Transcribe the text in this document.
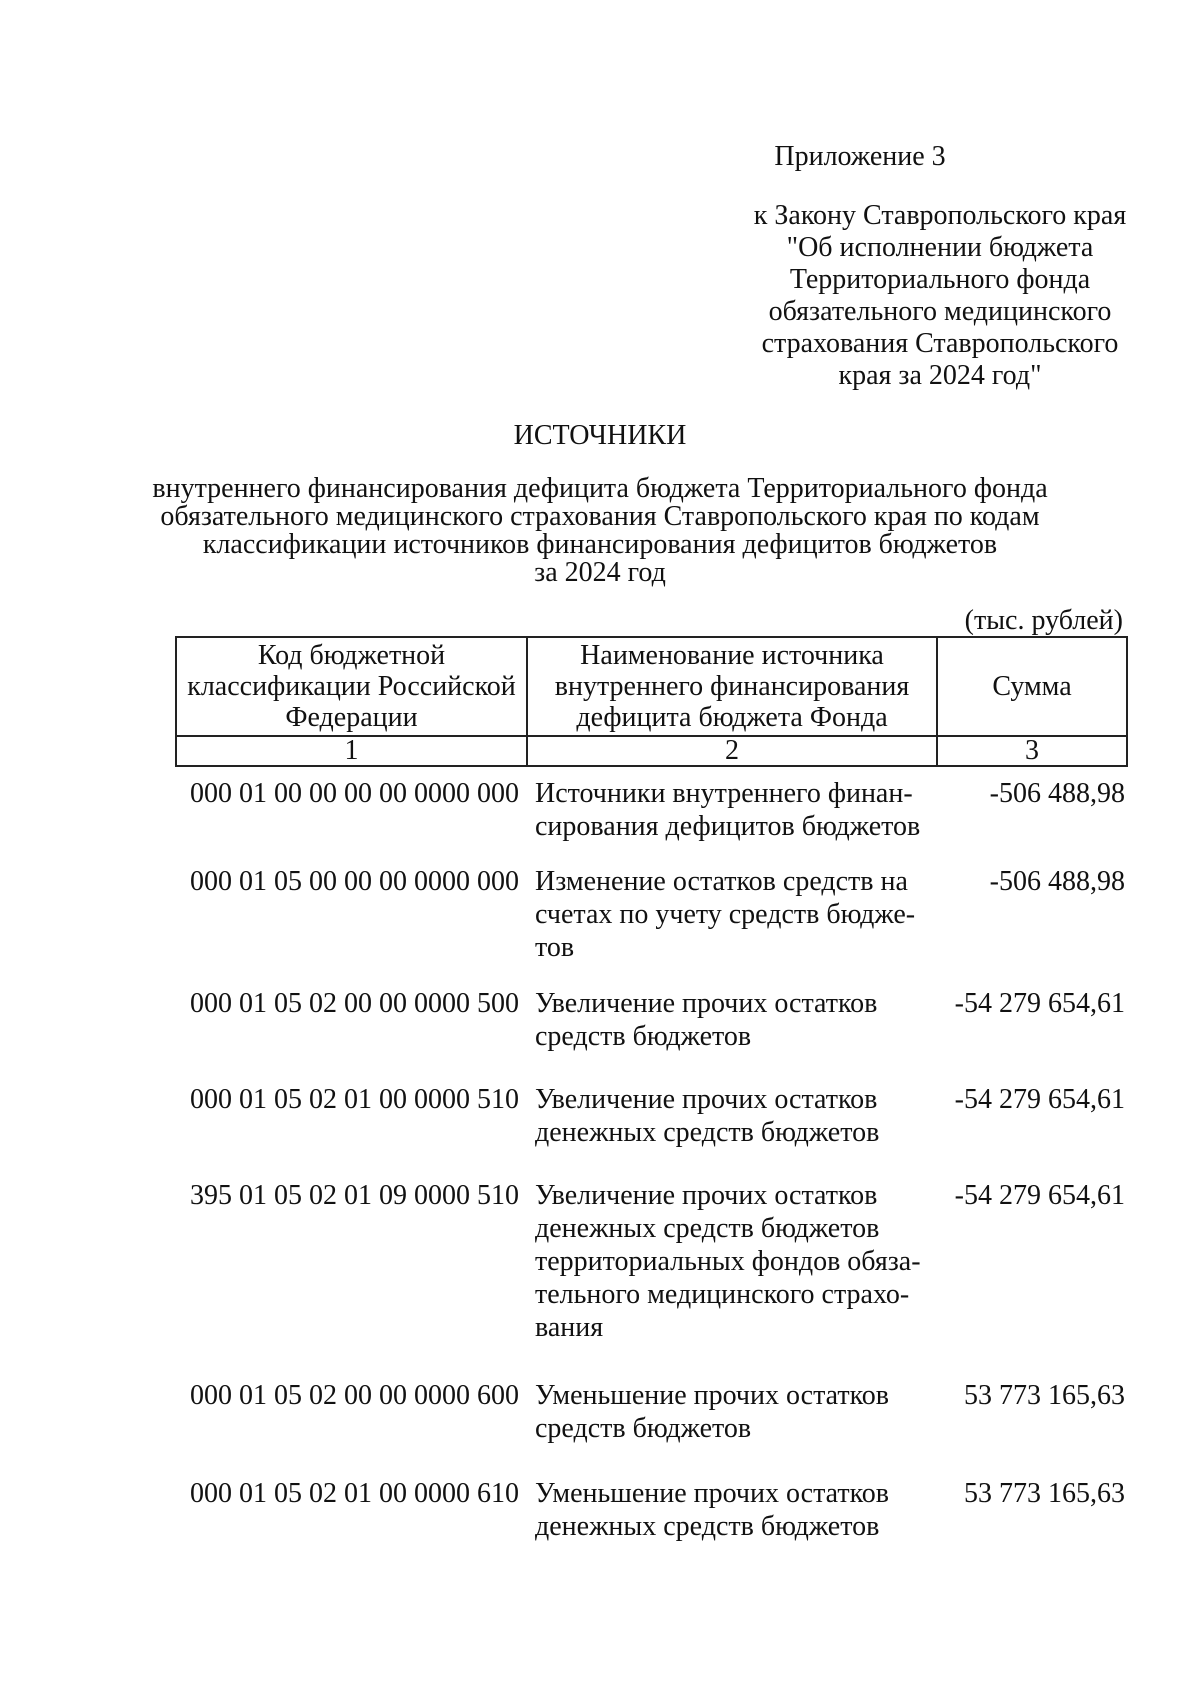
Приложение 3
к Закону Ставропольского края
"Об исполнении бюджета
Территориального фонда
обязательного медицинского
страхования Ставропольского
края за 2024 год"
ИСТОЧНИКИ
внутреннего финансирования дефицита бюджета Территориального фонда
обязательного медицинского страхования Ставропольского края по кодам
классификации источников финансирования дефицитов бюджетов
за 2024 год
(тыс. рублей)
Код бюджетной классификации Российской Федерации	Наименование источника внутреннего финансирования дефицита бюджета Фонда	Сумма
1	2	3
000 01 00 00 00 00 0000 000	Источники внутреннего финан-сирования дефицитов бюджетов	-506 488,98
000 01 05 00 00 00 0000 000	Изменение остатков средств на счетах по учету средств бюдже-тов	-506 488,98
000 01 05 02 00 00 0000 500	Увеличение прочих остатков средств бюджетов	-54 279 654,61
000 01 05 02 01 00 0000 510	Увеличение прочих остатков денежных средств бюджетов	-54 279 654,61
395 01 05 02 01 09 0000 510	Увеличение прочих остатков денежных средств бюджетов территориальных фондов обяза-тельного медицинского страхо-вания	-54 279 654,61
000 01 05 02 00 00 0000 600	Уменьшение прочих остатков средств бюджетов	53 773 165,63
000 01 05 02 01 00 0000 610	Уменьшение прочих остатков денежных средств бюджетов	53 773 165,63
